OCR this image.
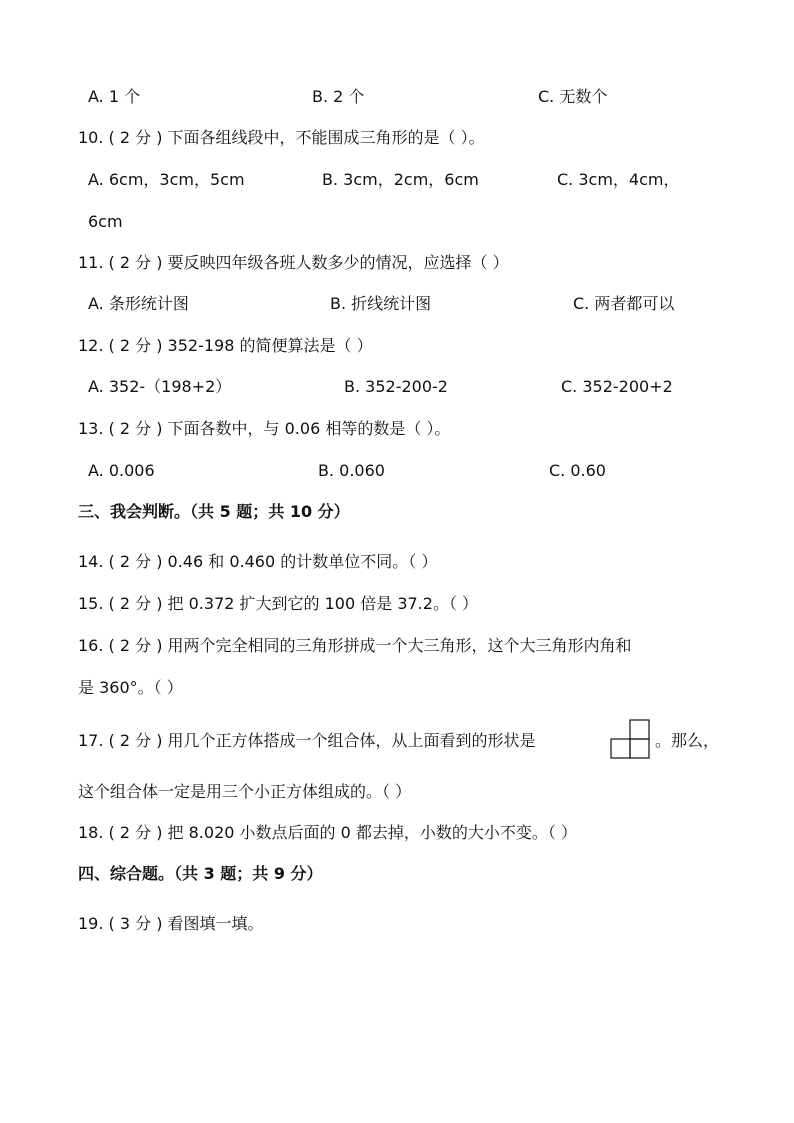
A. 1 个	B. 2 个	C. 无数个
10. ( 2 分 ) 下面各组线段中，不能围成三角形的是（ ）。
A. 6cm，3cm，5cm	B. 3cm，2cm，6cm	C. 3cm，4cm，
6cm
11. ( 2 分 ) 要反映四年级各班人数多少的情况，应选择（ ）
A. 条形统计图	B. 折线统计图	C. 两者都可以
12. ( 2 分 ) 352-198 的简便算法是（ ）
A. 352-（198+2）	B. 352-200-2	C. 352-200+2
13. ( 2 分 ) 下面各数中，与 0.06 相等的数是（ ）。
A. 0.006	B. 0.060	C. 0.60
三、我会判断。（共 5 题；共 10 分）
14. ( 2 分 ) 0.46 和 0.460 的计数单位不同。（ ）
15. ( 2 分 ) 把 0.372 扩大到它的 100 倍是 37.2。（ ）
16. ( 2 分 ) 用两个完全相同的三角形拼成一个大三角形，这个大三角形内角和
是 360°。（ ）
17. ( 2 分 ) 用几个正方体搭成一个组合体，从上面看到的形状是	。那么，
这个组合体一定是用三个小正方体组成的。（ ）
18. ( 2 分 ) 把 8.020 小数点后面的 0 都去掉，小数的大小不变。（ ）
四、综合题。（共 3 题；共 9 分）
19. ( 3 分 ) 看图填一填。
